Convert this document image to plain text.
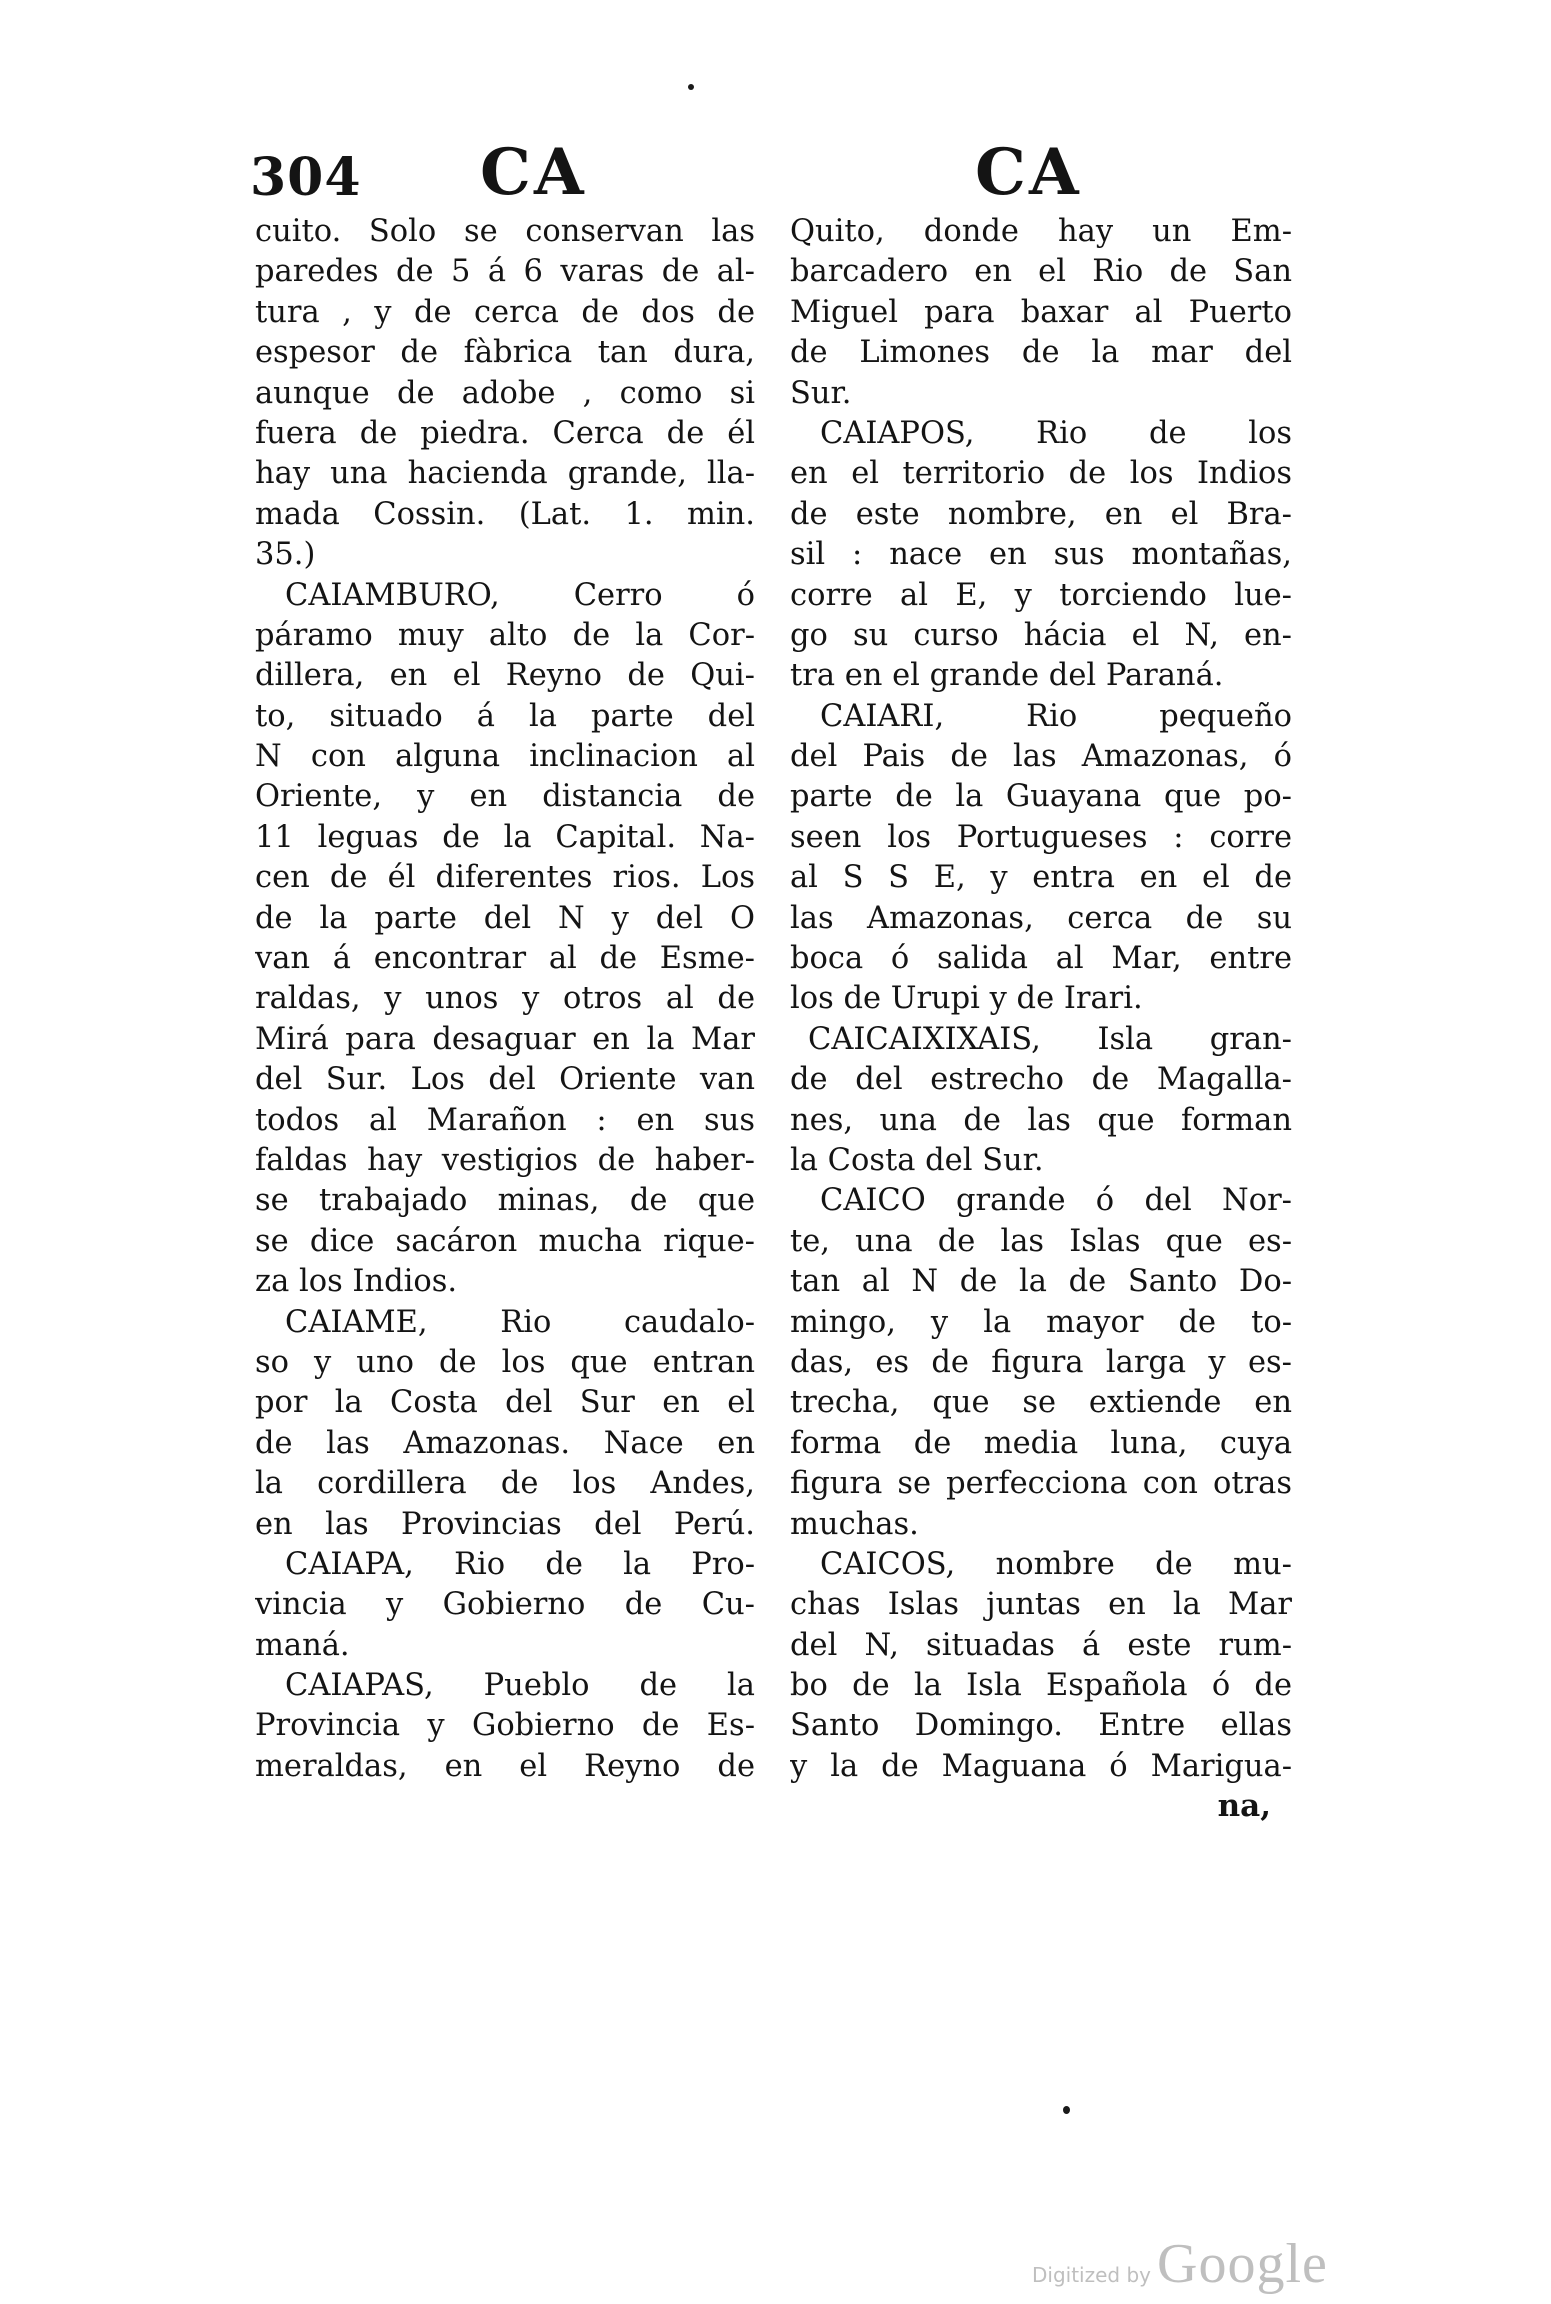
304 CA	CA
cuito. Solo se conservan las
paredes de 5 á 6 varas de al-
tura , y de cerca de dos de
espesor de fàbrica tan dura,
aunque de adobe , como si
fuera de piedra. Cerca de él
hay una hacienda grande, lla-
mada Cossin. (Lat. 1. min.
35.)
CAIAMBURO, Cerro ó
páramo muy alto de la Cor-
dillera, en el Reyno de Qui-
to, situado á la parte del
N con alguna inclinacion al
Oriente, y en distancia de
11 leguas de la Capital. Na-
cen de él diferentes rios. Los
de la parte del N y del O
van á encontrar al de Esme-
raldas, y unos y otros al de
Mirá para desaguar en la Mar
del Sur. Los del Oriente van
todos al Marañon : en sus
faldas hay vestigios de haber-
se trabajado minas, de que
se dice sacáron mucha rique-
za los Indios.
CAIAME, Rio caudalo-
so y uno de los que entran
por la Costa del Sur en el
de las Amazonas. Nace en
la cordillera de los Andes,
en las Provincias del Perú.
CAIAPA, Rio de la Pro-
vincia y Gobierno de Cu-
maná.
CAIAPAS, Pueblo de la
Provincia y Gobierno de Es-
meraldas, en el Reyno de
Quito, donde hay un Em-
barcadero en el Rio de San
Miguel para baxar al Puerto
de Limones de la mar del
Sur.
CAIAPOS, Rio de los
en el territorio de los Indios
de este nombre, en el Bra-
sil : nace en sus montañas,
corre al E, y torciendo lue-
go su curso hácia el N, en-
tra en el grande del Paraná.
CAIARI, Rio pequeño
del Pais de las Amazonas, ó
parte de la Guayana que po-
seen los Portugueses : corre
al S S E, y entra en el de
las Amazonas, cerca de su
boca ó salida al Mar, entre
los de Urupi y de Irari.
CAICAIXIXAIS, Isla gran-
de del estrecho de Magalla-
nes, una de las que forman
la Costa del Sur.
CAICO grande ó del Nor-
te, una de las Islas que es-
tan al N de la de Santo Do-
mingo, y la mayor de to-
das, es de figura larga y es-
trecha, que se extiende en
forma de media luna, cuya
figura se perfecciona con otras
muchas.
CAICOS, nombre de mu-
chas Islas juntas en la Mar
del N, situadas á este rum-
bo de la Isla Española ó de
Santo Domingo. Entre ellas
y la de Maguana ó Marigua-
na,
Digitized by Google
